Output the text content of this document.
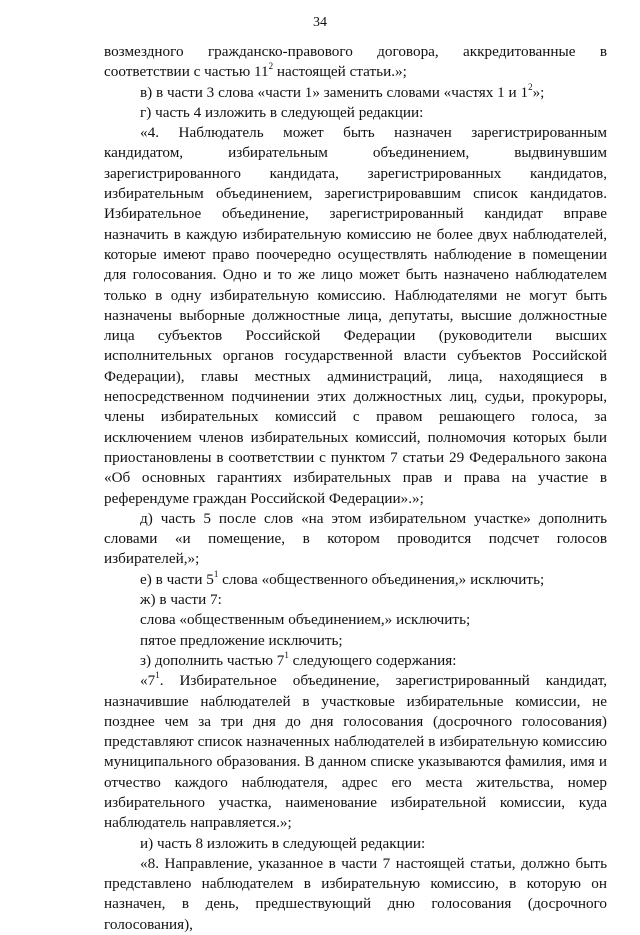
34

возмездного гражданско-правового договора, аккредитованные в соответствии с частью $11^2$ настоящей статьи.»;

в) в части 3 слова «части 1» заменить словами «частях 1 и $1^2$»;

г) часть 4 изложить в следующей редакции:

«4. Наблюдатель может быть назначен зарегистрированным кандидатом, избирательным объединением, выдвинувшим зарегистрированного кандидата, зарегистрированных кандидатов, избирательным объединением, зарегистрировавшим список кандидатов. Избирательное объединение, зарегистрированный кандидат вправе назначить в каждую избирательную комиссию не более двух наблюдателей, которые имеют право поочередно осуществлять наблюдение в помещении для голосования. Одно и то же лицо может быть назначено наблюдателем только в одну избирательную комиссию. Наблюдателями не могут быть назначены выборные должностные лица, депутаты, высшие должностные лица субъектов Российской Федерации (руководители высших исполнительных органов государственной власти субъектов Российской Федерации), главы местных администраций, лица, находящиеся в непосредственном подчинении этих должностных лиц, судьи, прокуроры, члены избирательных комиссий с правом решающего голоса, за исключением членов избирательных комиссий, полномочия которых были приостановлены в соответствии с пунктом 7 статьи 29 Федерального закона «Об основных гарантиях избирательных прав и права на участие в референдуме граждан Российской Федерации».»;

д) часть 5 после слов «на этом избирательном участке» дополнить словами «и помещение, в котором проводится подсчет голосов избирателей,»;

е) в части $5^1$ слова «общественного объединения,» исключить;

ж) в части 7:

слова «общественным объединением,» исключить;

пятое предложение исключить;

з) дополнить частью $7^1$ следующего содержания:

«$7^1$. Избирательное объединение, зарегистрированный кандидат, назначившие наблюдателей в участковые избирательные комиссии, не позднее чем за три дня до дня голосования (досрочного голосования) представляют список назначенных наблюдателей в избирательную комиссию муниципального образования. В данном списке указываются фамилия, имя и отчество каждого наблюдателя, адрес его места жительства, номер избирательного участка, наименование избирательной комиссии, куда наблюдатель направляется.»;

и) часть 8 изложить в следующей редакции:

«8. Направление, указанное в части 7 настоящей статьи, должно быть представлено наблюдателем в избирательную комиссию, в которую он назначен, в день, предшествующий дню голосования (досрочного голосования),
